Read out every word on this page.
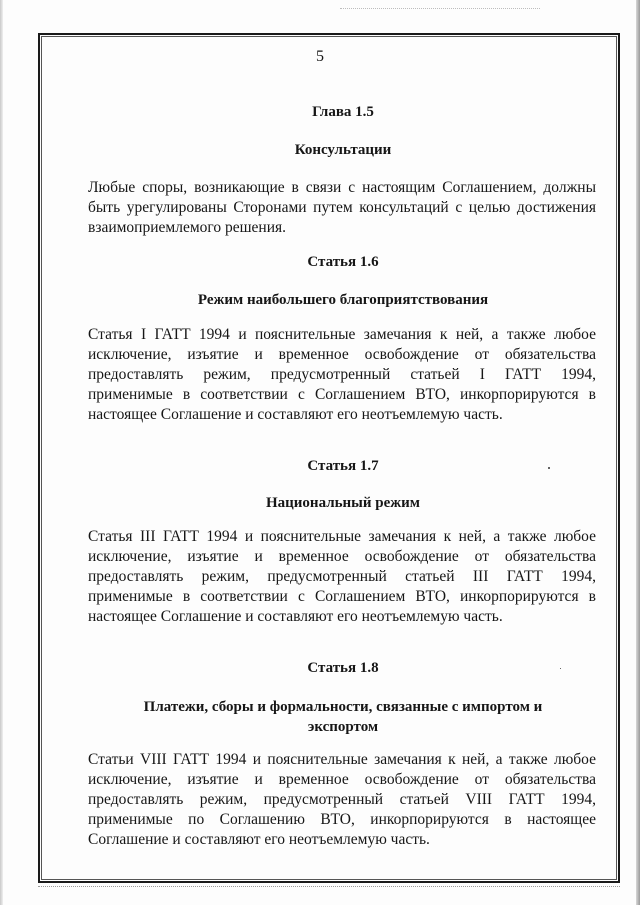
5
Глава 1.5
Консультации
Любые споры, возникающие в связи с настоящим Соглашением, должны
быть урегулированы Сторонами путем консультаций с целью достижения
взаимоприемлемого решения.
Статья 1.6
Режим наибольшего благоприятствования
Статья I ГАТТ 1994 и пояснительные замечания к ней, а также любое
исключение, изъятие и временное освобождение от обязательства
предоставлять режим, предусмотренный статьей I ГАТТ 1994,
применимые в соответствии с Соглашением ВТО, инкорпорируются в
настоящее Соглашение и составляют его неотъемлемую часть.
Статья 1.7
Национальный режим
Статья III ГАТТ 1994 и пояснительные замечания к ней, а также любое
исключение, изъятие и временное освобождение от обязательства
предоставлять режим, предусмотренный статьей III ГАТТ 1994,
применимые в соответствии с Соглашением ВТО, инкорпорируются в
настоящее Соглашение и составляют его неотъемлемую часть.
Статья 1.8
Платежи, сборы и формальности, связанные с импортом и
экспортом
Статьи VIII ГАТТ 1994 и пояснительные замечания к ней, а также любое
исключение, изъятие и временное освобождение от обязательства
предоставлять режим, предусмотренный статьей VIII ГАТТ 1994,
применимые по Соглашению ВТО, инкорпорируются в настоящее
Соглашение и составляют его неотъемлемую часть.
